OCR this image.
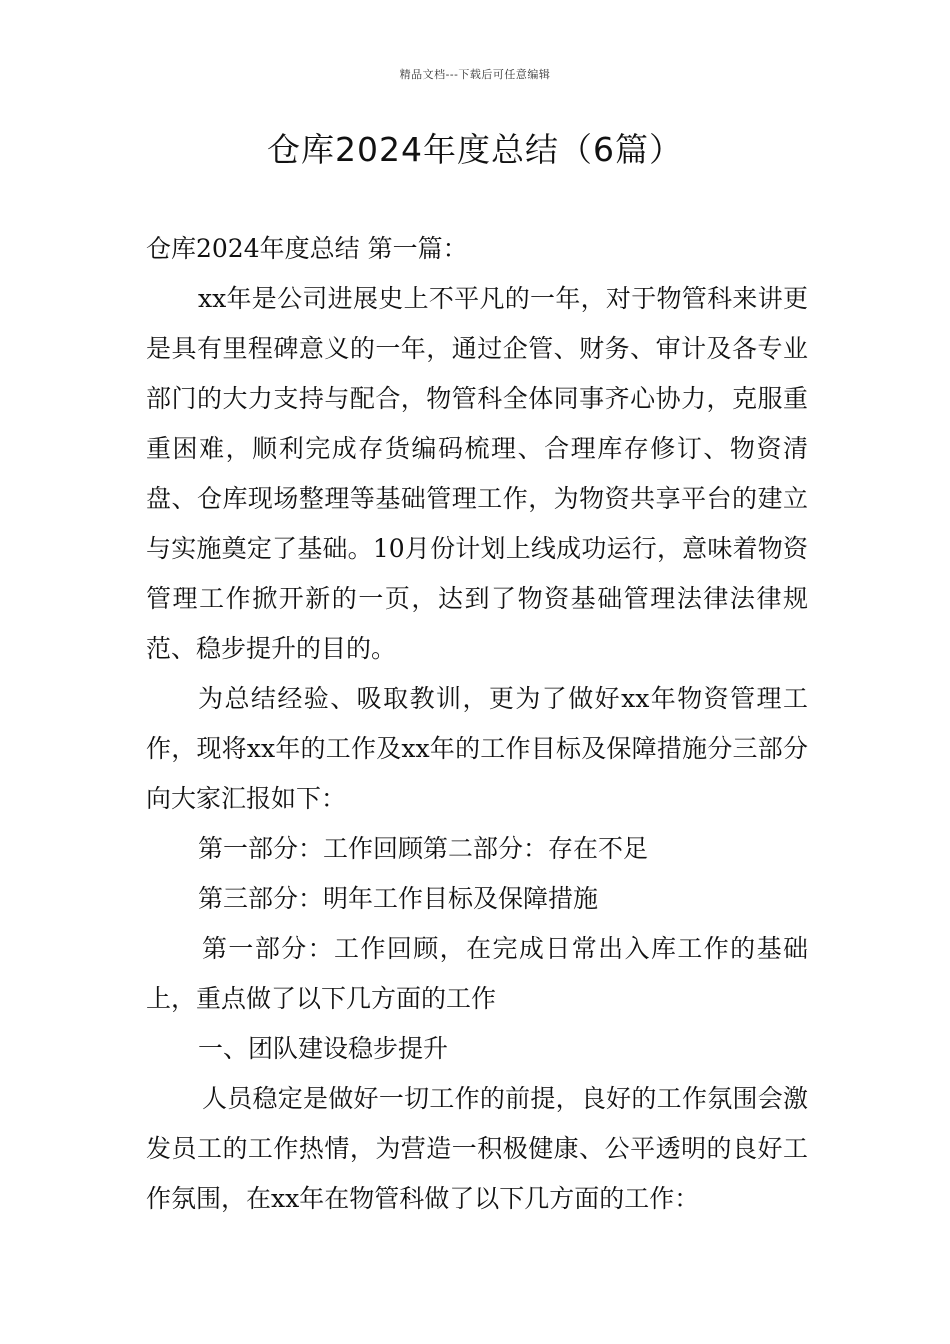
精品文档---下载后可任意编辑
仓库2024年度总结（6篇）

仓库2024年度总结 第一篇：

xx年是公司进展史上不平凡的一年，对于物管科来讲更是具有里程碑意义的一年，通过企管、财务、审计及各专业部门的大力支持与配合，物管科全体同事齐心协力，克服重重困难，顺利完成存货编码梳理、合理库存修订、物资清盘、仓库现场整理等基础管理工作，为物资共享平台的建立与实施奠定了基础。10月份计划上线成功运行，意味着物资管理工作掀开新的一页，达到了物资基础管理法律法律规范、稳步提升的目的。

为总结经验、吸取教训，更为了做好xx年物资管理工作，现将xx年的工作及xx年的工作目标及保障措施分三部分向大家汇报如下：

第一部分：工作回顾第二部分：存在不足

第三部分：明年工作目标及保障措施

第一部分：工作回顾，在完成日常出入库工作的基础上，重点做了以下几方面的工作

一、团队建设稳步提升

人员稳定是做好一切工作的前提，良好的工作氛围会激发员工的工作热情，为营造一积极健康、公平透明的良好工作氛围，在xx年在物管科做了以下几方面的工作：
